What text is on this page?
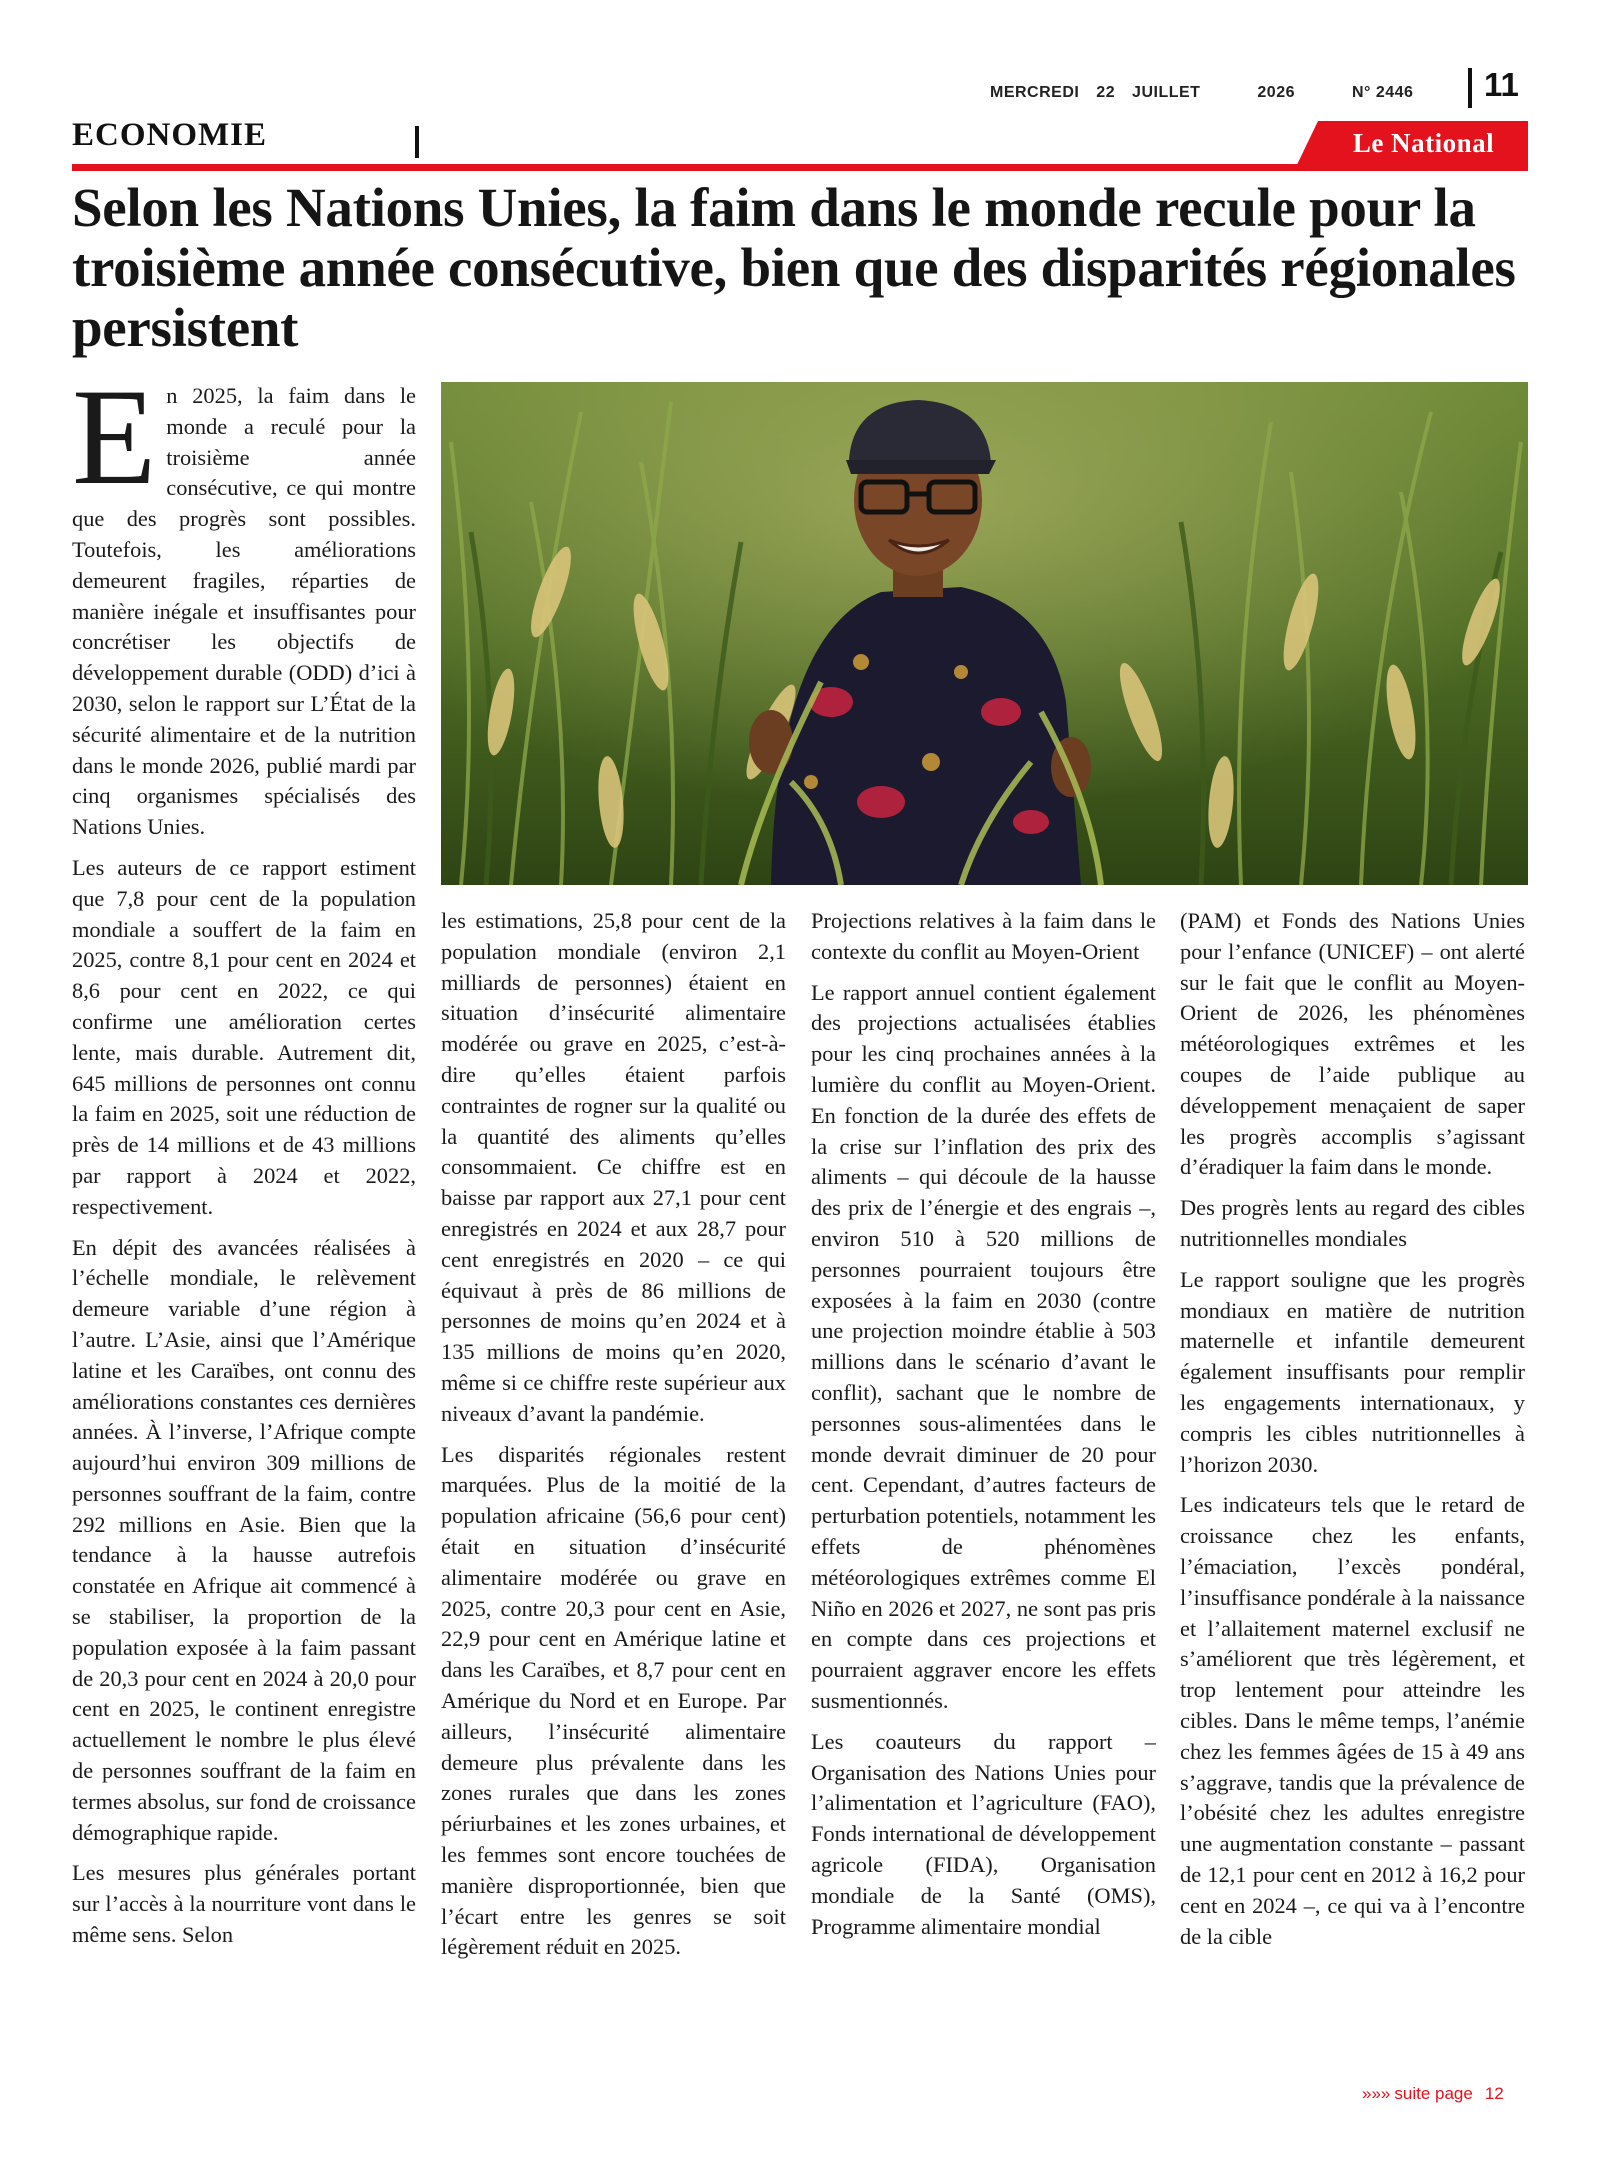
MERCREDI 22 JUILLET	2026	N° 2446 11
ECONOMIE	Le National
Selon les Nations Unies, la faim dans le monde recule pour la troisième année consécutive, bien que des disparités régionales persistent

En 2025, la faim dans le monde a reculé pour la troisième année consécutive, ce qui montre que des progrès sont possibles. Toutefois, les améliorations demeurent fragiles, réparties de manière inégale et insuffisantes pour concrétiser les objectifs de développement durable (ODD) d’ici à 2030, selon le rapport sur L’État de la sécurité alimentaire et de la nutrition dans le monde 2026, publié mardi par cinq organismes spécialisés des Nations Unies.

Les auteurs de ce rapport estiment que 7,8 pour cent de la population mondiale a souffert de la faim en 2025, contre 8,1 pour cent en 2024 et 8,6 pour cent en 2022, ce qui confirme une amélioration certes lente, mais durable. Autrement dit, 645 millions de personnes ont connu la faim en 2025, soit une réduction de près de 14 millions et de 43 millions par rapport à 2024 et 2022, respectivement.

En dépit des avancées réalisées à l’échelle mondiale, le relèvement demeure variable d’une région à l’autre. L’Asie, ainsi que l’Amérique latine et les Caraïbes, ont connu des améliorations constantes ces dernières années. À l’inverse, l’Afrique compte aujourd’hui environ 309 millions de personnes souffrant de la faim, contre 292 millions en Asie. Bien que la tendance à la hausse autrefois constatée en Afrique ait commencé à se stabiliser, la proportion de la population exposée à la faim passant de 20,3 pour cent en 2024 à 20,0 pour cent en 2025, le continent enregistre actuellement le nombre le plus élevé de personnes souffrant de la faim en termes absolus, sur fond de croissance démographique rapide.

Les mesures plus générales portant sur l’accès à la nourriture vont dans le même sens. Selon

les estimations, 25,8 pour cent de la population mondiale (environ 2,1 milliards de personnes) étaient en situation d’insécurité alimentaire modérée ou grave en 2025, c’est-à-dire qu’elles étaient parfois contraintes de rogner sur la qualité ou la quantité des aliments qu’elles consommaient. Ce chiffre est en baisse par rapport aux 27,1 pour cent enregistrés en 2024 et aux 28,7 pour cent enregistrés en 2020 – ce qui équivaut à près de 86 millions de personnes de moins qu’en 2024 et à 135 millions de moins qu’en 2020, même si ce chiffre reste supérieur aux niveaux d’avant la pandémie.

Les disparités régionales restent marquées. Plus de la moitié de la population africaine (56,6 pour cent) était en situation d’insécurité alimentaire modérée ou grave en 2025, contre 20,3 pour cent en Asie, 22,9 pour cent en Amérique latine et dans les Caraïbes, et 8,7 pour cent en Amérique du Nord et en Europe. Par ailleurs, l’insécurité alimentaire demeure plus prévalente dans les zones rurales que dans les zones périurbaines et les zones urbaines, et les femmes sont encore touchées de manière disproportionnée, bien que l’écart entre les genres se soit légèrement réduit en 2025.

Projections relatives à la faim dans le contexte du conflit au Moyen-Orient

Le rapport annuel contient également des projections actualisées établies pour les cinq prochaines années à la lumière du conflit au Moyen-Orient. En fonction de la durée des effets de la crise sur l’inflation des prix des aliments – qui découle de la hausse des prix de l’énergie et des engrais –, environ 510 à 520 millions de personnes pourraient toujours être exposées à la faim en 2030 (contre une projection moindre établie à 503 millions dans le scénario d’avant le conflit), sachant que le nombre de personnes sous-alimentées dans le monde devrait diminuer de 20 pour cent. Cependant, d’autres facteurs de perturbation potentiels, notamment les effets de phénomènes météorologiques extrêmes comme El Niño en 2026 et 2027, ne sont pas pris en compte dans ces projections et pourraient aggraver encore les effets susmentionnés.

Les coauteurs du rapport – Organisation des Nations Unies pour l’alimentation et l’agriculture (FAO), Fonds international de développement agricole (FIDA), Organisation mondiale de la Santé (OMS), Programme alimentaire mondial

(PAM) et Fonds des Nations Unies pour l’enfance (UNICEF) – ont alerté sur le fait que le conflit au Moyen-Orient de 2026, les phénomènes météorologiques extrêmes et les coupes de l’aide publique au développement menaçaient de saper les progrès accomplis s’agissant d’éradiquer la faim dans le monde.

Des progrès lents au regard des cibles nutritionnelles mondiales

Le rapport souligne que les progrès mondiaux en matière de nutrition maternelle et infantile demeurent également insuffisants pour remplir les engagements internationaux, y compris les cibles nutritionnelles à l’horizon 2030.

Les indicateurs tels que le retard de croissance chez les enfants, l’émaciation, l’excès pondéral, l’insuffisance pondérale à la naissance et l’allaitement maternel exclusif ne s’améliorent que très légèrement, et trop lentement pour atteindre les cibles. Dans le même temps, l’anémie chez les femmes âgées de 15 à 49 ans s’aggrave, tandis que la prévalence de l’obésité chez les adultes enregistre une augmentation constante – passant de 12,1 pour cent en 2012 à 16,2 pour cent en 2024 –, ce qui va à l’encontre de la cible

»»» suite page 12
